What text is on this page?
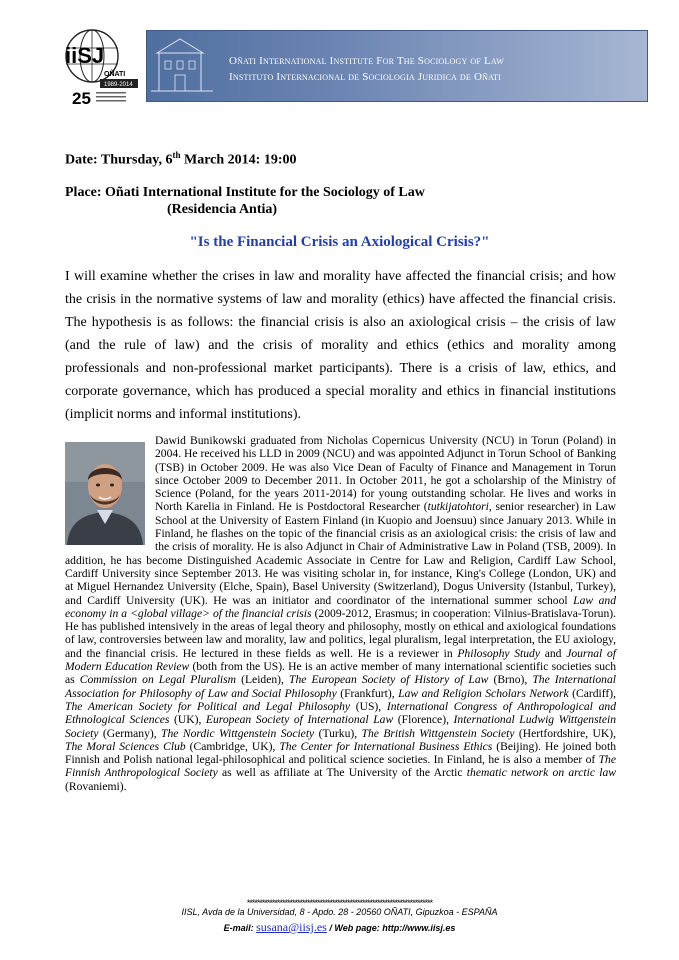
iiSJ
OÑATI
1989-2014
25
Oñati International Institute For The Sociology of Law
Instituto Internacional de Sociologia Juridica de Oñati
Date: Thursday, 6th March 2014: 19:00
Place: Oñati International Institute for the Sociology of Law
(Residencia Antia)
"Is the Financial Crisis an Axiological Crisis?"
I will examine whether the crises in law and morality have affected the financial crisis; and how the crisis in the normative systems of law and morality (ethics) have affected the financial crisis. The hypothesis is as follows: the financial crisis is also an axiological crisis – the crisis of law (and the rule of law) and the crisis of morality and ethics (ethics and morality among professionals and non-professional market participants). There is a crisis of law, ethics, and corporate governance, which has produced a special morality and ethics in financial institutions (implicit norms and informal institutions).
Dawid Bunikowski graduated from Nicholas Copernicus University (NCU) in Torun (Poland) in 2004. He received his LLD in 2009 (NCU) and was appointed Adjunct in Torun School of Banking (TSB) in October 2009. He was also Vice Dean of Faculty of Finance and Management in Torun since October 2009 to December 2011. In October 2011, he got a scholarship of the Ministry of Science (Poland, for the years 2011-2014) for young outstanding scholar. He lives and works in North Karelia in Finland. He is Postdoctoral Researcher (tutkijatohtori, senior researcher) in Law School at the University of Eastern Finland (in Kuopio and Joensuu) since January 2013. While in Finland, he flashes on the topic of the financial crisis as an axiological crisis: the crisis of law and the crisis of morality. He is also Adjunct in Chair of Administrative Law in Poland (TSB, 2009). In addition, he has become Distinguished Academic Associate in Centre for Law and Religion, Cardiff Law School, Cardiff University since September 2013. He was visiting scholar in, for instance, King's College (London, UK) and at Miguel Hernandez University (Elche, Spain), Basel University (Switzerland), Dogus University (Istanbul, Turkey), and Cardiff University (UK). He was an initiator and coordinator of the international summer school Law and economy in a <global village> of the financial crisis (2009-2012, Erasmus; in cooperation: Vilnius-Bratislava-Torun). He has published intensively in the areas of legal theory and philosophy, mostly on ethical and axiological foundations of law, controversies between law and morality, law and politics, legal pluralism, legal interpretation, the EU axiology, and the financial crisis. He lectured in these fields as well. He is a reviewer in Philosophy Study and Journal of Modern Education Review (both from the US). He is an active member of many international scientific societies such as Commission on Legal Pluralism (Leiden), The European Society of History of Law (Brno), The International Association for Philosophy of Law and Social Philosophy (Frankfurt), Law and Religion Scholars Network (Cardiff), The American Society for Political and Legal Philosophy (US), International Congress of Anthropological and Ethnological Sciences (UK), European Society of International Law (Florence), International Ludwig Wittgenstein Society (Germany), The Nordic Wittgenstein Society (Turku), The British Wittgenstein Society (Hertfordshire, UK), The Moral Sciences Club (Cambridge, UK), The Center for International Business Ethics (Beijing). He joined both Finnish and Polish national legal-philosophical and political science societies. In Finland, he is also a member of The Finnish Anthropological Society as well as affiliate at The University of the Arctic thematic network on arctic law (Rovaniemi).
**************************************************************************
IISL, Avda de la Universidad, 8 - Apdo. 28 - 20560 OÑATI, Gipuzkoa - ESPAÑA
E-mail: susana@iisj.es / Web page: http://www.iisj.es
